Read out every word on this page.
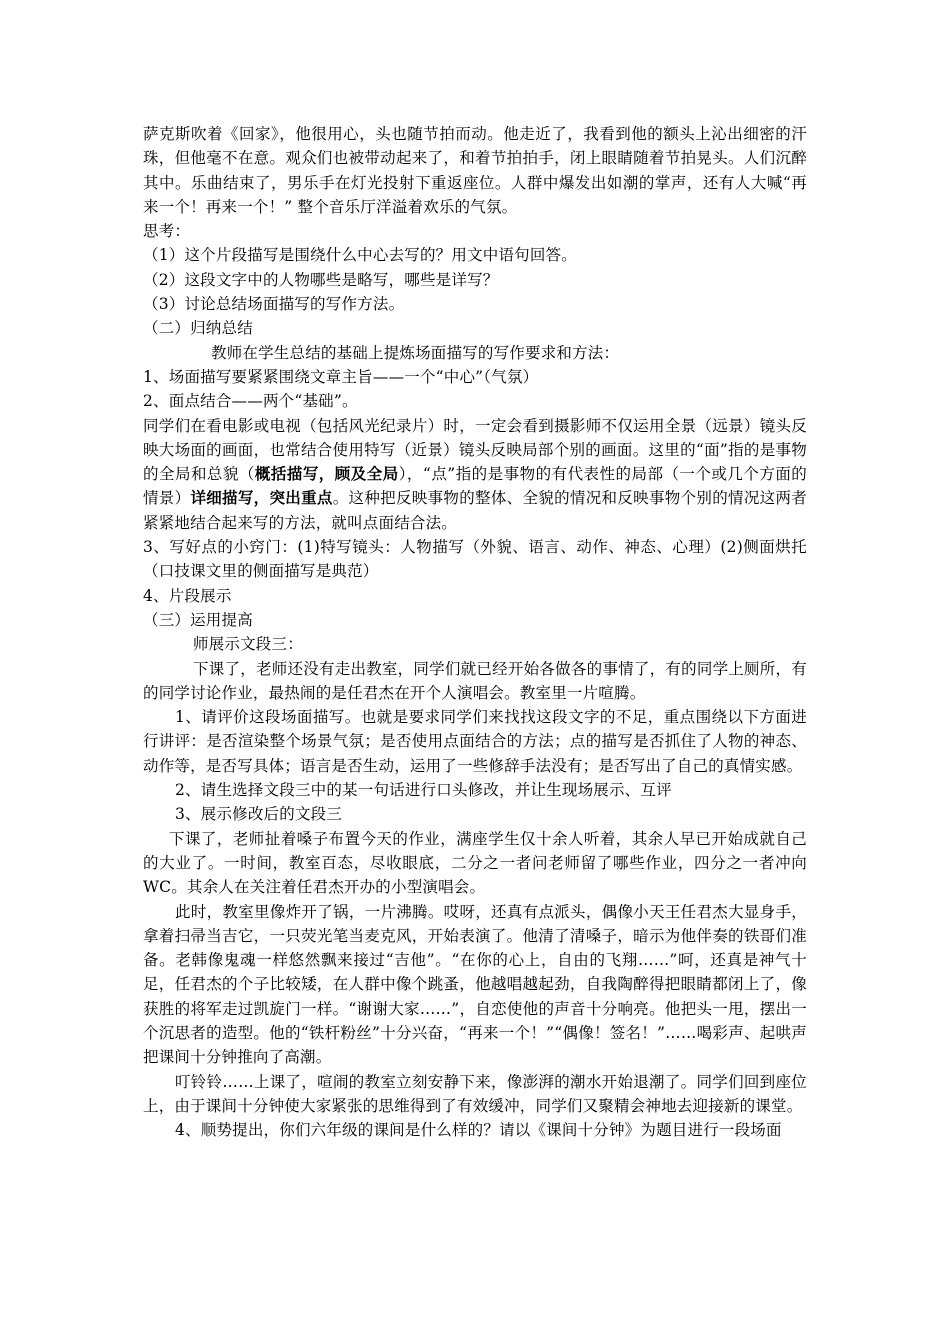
萨克斯吹着《回家》，他很用心，头也随节拍而动。他走近了，我看到他的额头上沁出细密的汗珠，但他毫不在意。观众们也被带动起来了，和着节拍拍手，闭上眼睛随着节拍晃头。人们沉醉其中。乐曲结束了，男乐手在灯光投射下重返座位。人群中爆发出如潮的掌声，还有人大喊“再来一个！再来一个！” 整个音乐厅洋溢着欢乐的气氛。

思考：

（1）这个片段描写是围绕什么中心去写的？用文中语句回答。

（2）这段文字中的人物哪些是略写，哪些是详写？

（3）讨论总结场面描写的写作方法。

（二）归纳总结

教师在学生总结的基础上提炼场面描写的写作要求和方法：

1、场面描写要紧紧围绕文章主旨——一个“中心”（气氛）

2、面点结合——两个“基础”。

同学们在看电影或电视（包括风光纪录片）时，一定会看到摄影师不仅运用全景（远景）镜头反映大场面的画面，也常结合使用特写（近景）镜头反映局部个别的画面。这里的“面”指的是事物的全局和总貌（概括描写，顾及全局），“点”指的是事物的有代表性的局部（一个或几个方面的情景）详细描写，突出重点。这种把反映事物的整体、全貌的情况和反映事物个别的情况这两者紧紧地结合起来写的方法，就叫点面结合法。

3、写好点的小窍门：(1)特写镜头：人物描写（外貌、语言、动作、神态、心理）(2)侧面烘托（口技课文里的侧面描写是典范）

4、片段展示

（三）运用提高

师展示文段三：

下课了，老师还没有走出教室，同学们就已经开始各做各的事情了，有的同学上厕所，有的同学讨论作业，最热闹的是任君杰在开个人演唱会。教室里一片喧腾。

1、请评价这段场面描写。也就是要求同学们来找找这段文字的不足，重点围绕以下方面进行讲评：是否渲染整个场景气氛；是否使用点面结合的方法；点的描写是否抓住了人物的神态、动作等，是否写具体；语言是否生动，运用了一些修辞手法没有；是否写出了自己的真情实感。

2、请生选择文段三中的某一句话进行口头修改，并让生现场展示、互评

3、展示修改后的文段三

下课了，老师扯着嗓子布置今天的作业，满座学生仅十余人听着，其余人早已开始成就自己的大业了。一时间，教室百态，尽收眼底，二分之一者问老师留了哪些作业，四分之一者冲向WC。其余人在关注着任君杰开办的小型演唱会。

此时，教室里像炸开了锅，一片沸腾。哎呀，还真有点派头，偶像小天王任君杰大显身手，拿着扫帚当吉它，一只荧光笔当麦克风，开始表演了。他清了清嗓子，暗示为他伴奏的铁哥们准备。老韩像鬼魂一样悠然飘来接过“吉他”。“在你的心上，自由的飞翔……”呵，还真是神气十足，任君杰的个子比较矮，在人群中像个跳蚤，他越唱越起劲，自我陶醉得把眼睛都闭上了，像获胜的将军走过凯旋门一样。“谢谢大家……”，自恋使他的声音十分响亮。他把头一甩，摆出一个沉思者的造型。他的“铁杆粉丝”十分兴奋，“再来一个！”“偶像！签名！”……喝彩声、起哄声把课间十分钟推向了高潮。

叮铃铃……上课了，喧闹的教室立刻安静下来，像澎湃的潮水开始退潮了。同学们回到座位上，由于课间十分钟使大家紧张的思维得到了有效缓冲，同学们又聚精会神地去迎接新的课堂。

4、顺势提出，你们六年级的课间是什么样的？请以《课间十分钟》为题目进行一段场面
